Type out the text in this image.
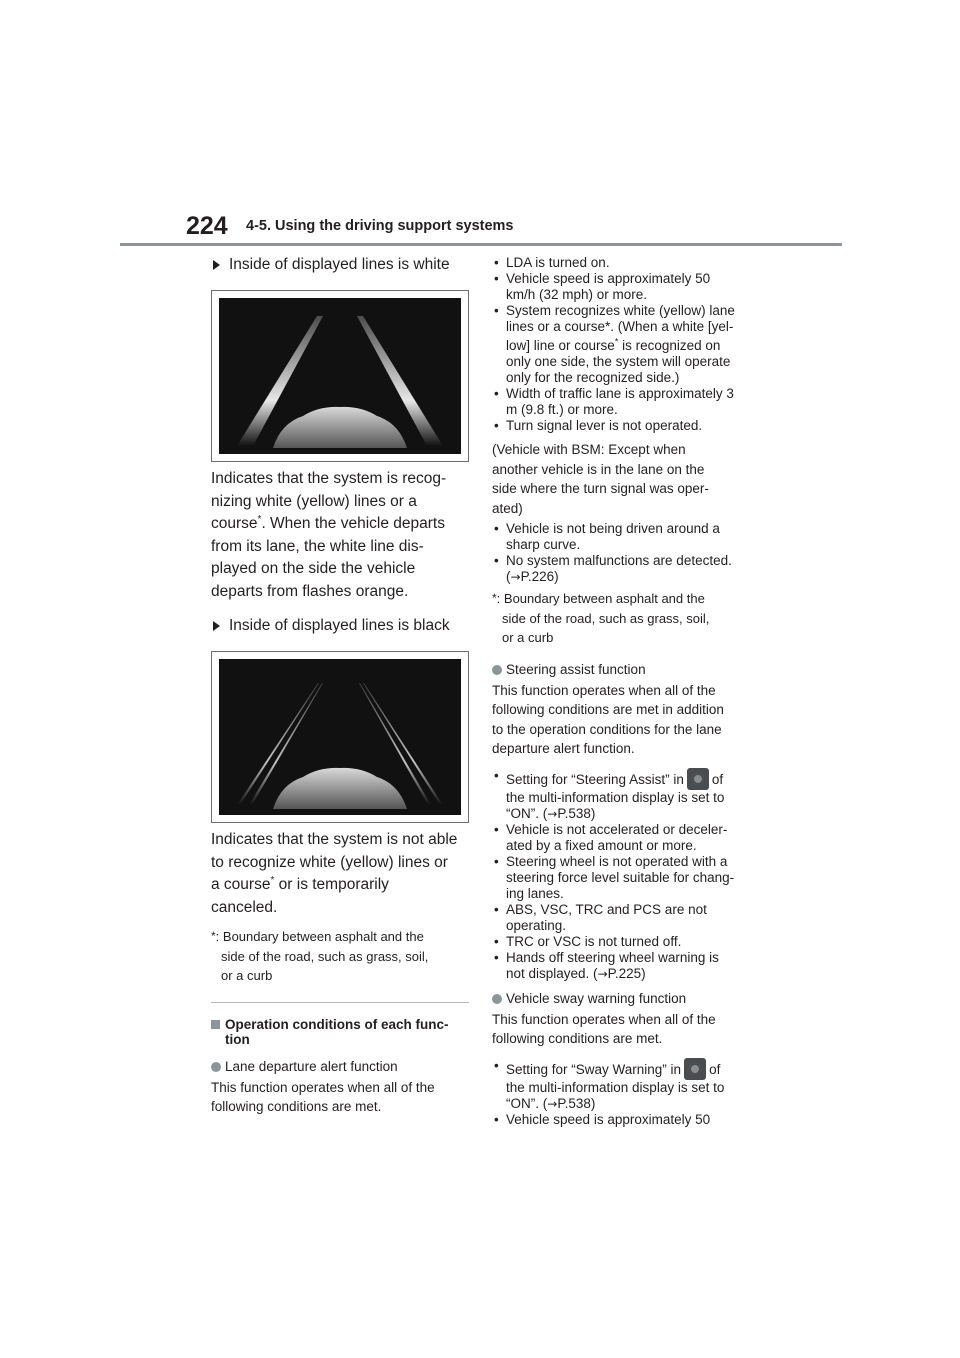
224 4-5. Using the driving support systems
Inside of displayed lines is white
Indicates that the system is recog-
nizing white (yellow) lines or a
course*. When the vehicle departs
from its lane, the white line dis-
played on the side the vehicle
departs from flashes orange.
Inside of displayed lines is black
Indicates that the system is not able
to recognize white (yellow) lines or
a course* or is temporarily
canceled.
*: Boundary between asphalt and the
side of the road, such as grass, soil,
or a curb
Operation conditions of each func-
tion
Lane departure alert function
This function operates when all of the
following conditions are met.
• LDA is turned on.
• Vehicle speed is approximately 50
km/h (32 mph) or more.
• System recognizes white (yellow) lane
lines or a course*. (When a white [yel-
low] line or course* is recognized on
only one side, the system will operate
only for the recognized side.)
• Width of traffic lane is approximately 3
m (9.8 ft.) or more.
• Turn signal lever is not operated.
(Vehicle with BSM: Except when
another vehicle is in the lane on the
side where the turn signal was oper-
ated)
• Vehicle is not being driven around a
sharp curve.
• No system malfunctions are detected.
(→P.226)
*: Boundary between asphalt and the
side of the road, such as grass, soil,
or a curb
Steering assist function
This function operates when all of the
following conditions are met in addition
to the operation conditions for the lane
departure alert function.
• Setting for “Steering Assist” in of
the multi-information display is set to
“ON”. (→P.538)
• Vehicle is not accelerated or deceler-
ated by a fixed amount or more.
• Steering wheel is not operated with a
steering force level suitable for chang-
ing lanes.
• ABS, VSC, TRC and PCS are not
operating.
• TRC or VSC is not turned off.
• Hands off steering wheel warning is
not displayed. (→P.225)
Vehicle sway warning function
This function operates when all of the
following conditions are met.
• Setting for “Sway Warning” in of
the multi-information display is set to
“ON”. (→P.538)
• Vehicle speed is approximately 50
